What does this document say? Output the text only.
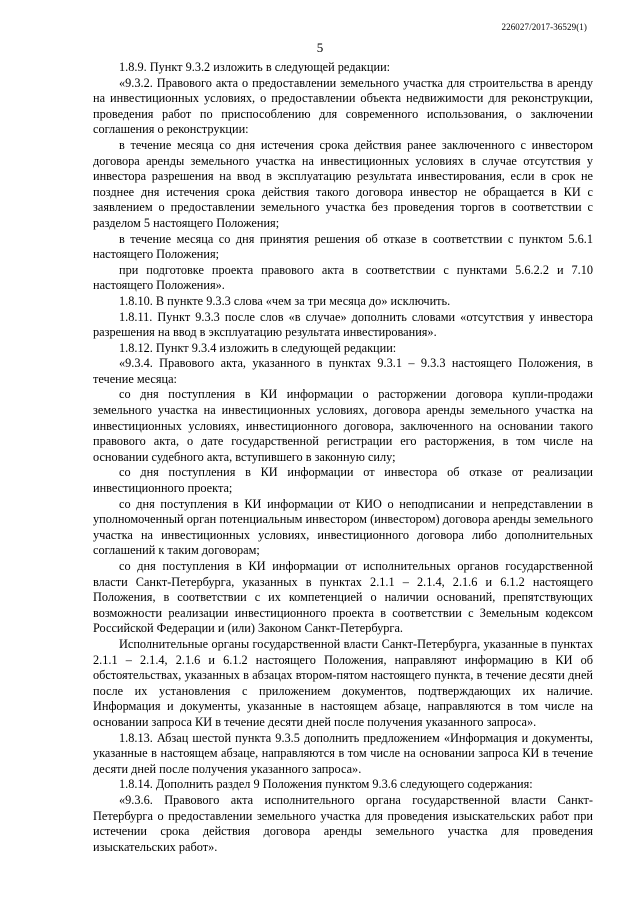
226027/2017-36529(1)
5

1.8.9. Пункт 9.3.2 изложить в следующей редакции:

«9.3.2. Правового акта о предоставлении земельного участка для строительства в аренду на инвестиционных условиях, о предоставлении объекта недвижимости для реконструкции, проведения работ по приспособлению для современного использования, о заключении соглашения о реконструкции:

в течение месяца со дня истечения срока действия ранее заключенного с инвестором договора аренды земельного участка на инвестиционных условиях в случае отсутствия у инвестора разрешения на ввод в эксплуатацию результата инвестирования, если в срок не позднее дня истечения срока действия такого договора инвестор не обращается в КИ с заявлением о предоставлении земельного участка без проведения торгов в соответствии с разделом 5 настоящего Положения;

в течение месяца со дня принятия решения об отказе в соответствии с пунктом 5.6.1 настоящего Положения;

при подготовке проекта правового акта в соответствии с пунктами 5.6.2.2 и 7.10 настоящего Положения».

1.8.10. В пункте 9.3.3 слова «чем за три месяца до» исключить.

1.8.11. Пункт 9.3.3 после слов «в случае» дополнить словами «отсутствия у инвестора разрешения на ввод в эксплуатацию результата инвестирования».

1.8.12. Пункт 9.3.4 изложить в следующей редакции:

«9.3.4. Правового акта, указанного в пунктах 9.3.1 – 9.3.3 настоящего Положения, в течение месяца:

со дня поступления в КИ информации о расторжении договора купли-продажи земельного участка на инвестиционных условиях, договора аренды земельного участка на инвестиционных условиях, инвестиционного договора, заключенного на основании такого правового акта, о дате государственной регистрации его расторжения, в том числе на основании судебного акта, вступившего в законную силу;

со дня поступления в КИ информации от инвестора об отказе от реализации инвестиционного проекта;

со дня поступления в КИ информации от КИО о неподписании и непредставлении в уполномоченный орган потенциальным инвестором (инвестором) договора аренды земельного участка на инвестиционных условиях, инвестиционного договора либо дополнительных соглашений к таким договорам;

со дня поступления в КИ информации от исполнительных органов государственной власти Санкт-Петербурга, указанных в пунктах 2.1.1 – 2.1.4, 2.1.6 и 6.1.2 настоящего Положения, в соответствии с их компетенцией о наличии оснований, препятствующих возможности реализации инвестиционного проекта в соответствии с Земельным кодексом Российской Федерации и (или) Законом Санкт-Петербурга.

Исполнительные органы государственной власти Санкт-Петербурга, указанные в пунктах 2.1.1 – 2.1.4, 2.1.6 и 6.1.2 настоящего Положения, направляют информацию в КИ об обстоятельствах, указанных в абзацах втором-пятом настоящего пункта, в течение десяти дней после их установления с приложением документов, подтверждающих их наличие. Информация и документы, указанные в настоящем абзаце, направляются в том числе на основании запроса КИ в течение десяти дней после получения указанного запроса».

1.8.13. Абзац шестой пункта 9.3.5 дополнить предложением «Информация и документы, указанные в настоящем абзаце, направляются в том числе на основании запроса КИ в течение десяти дней после получения указанного запроса».

1.8.14. Дополнить раздел 9 Положения пунктом 9.3.6 следующего содержания:

«9.3.6. Правового акта исполнительного органа государственной власти Санкт-Петербурга о предоставлении земельного участка для проведения изыскательских работ при истечении срока действия договора аренды земельного участка для проведения изыскательских работ».
